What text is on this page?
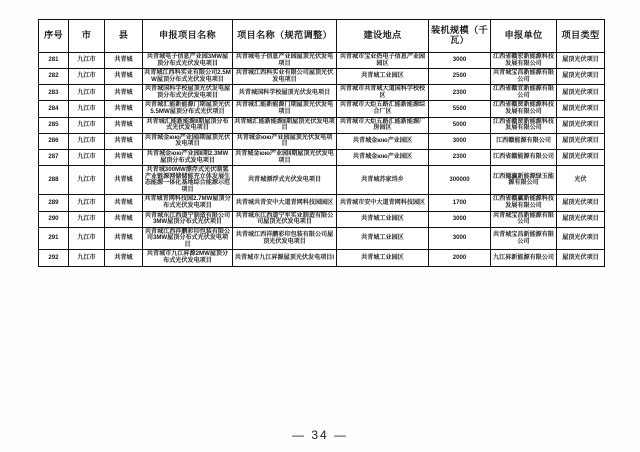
序号	市	县	申报项目名称	项目名称（规范调整）	建设地点	装机规模（千瓦）	申报单位	项目类型
281	九江市	共青城	共青城电子信息产业园3MW屋顶分布式光伏发电项目	共青城电子信息产业园屋顶光伏发电项目	共青城市宝业热电子信息产业园园区	3000	江西省赣宏新能源科技发展有限公司	屋顶光伏项目
282	九江市	共青城	共青城江西科实业有限公司2.5MW屋顶分布式光伏发电项目	共青城江西科实业有限公司屋顶光伏发电项目	共青城工业园区	2500	共青城宝昌新能源有限公司	屋顶光伏项目
283	九江市	共青城	共青城国科学校屋顶光伏发电屋顶分布式光伏发电项目	共青城国科学校屋顶光伏发电项目	共青城市共青城大道国科学校校区	2300	江西省赣宜新能源有限公司	屋顶光伏项目
284	九江市	共青城	共青城汇能新能源门期屋顶光伏5.5MW屋顶分布式光伏项目	共青城汇能新能源门期屋顶光伏发电项目	共青城市大炬五路汇能新能源综合厂区	5500	江西省赣贤新能源科技发展有限公司	屋顶光伏项目
285	九江市	共青城	共青城汇能新能源Ⅱ期屋顶分布式光伏发电项目	共青城汇能新能源Ⅱ期屋顶光伏发电项目	共青城市大炬五路汇能新能源厂房园区	5000	江西省赣贤新能源科技发展有限公司	屋顶光伏项目
286	九江市	共青城	共青城金юю产业园I期屋顶光伏发电项目	共青城金юю产业园屋顶光伏发电项目	共青城金юю产业园区	3000	江西赣能源有限公司	屋顶光伏项目
287	九江市	共青城	共青城金юю产业园Ⅱ期2.3MW屋顶分布式发电项目	共青城金юю产业园Ⅱ期屋顶光伏发电项目	共青城金юю产业园区	2300	江西省赣能源有限公司	屋顶光伏项目
288	九江市	共青城	共青城300MW漂浮式光伏制氢产业链源网储储能充立体发展生态能源一体化基地综合能源示范项目	共青城漂浮式光伏发电项目	共青城苏家垱乡	300000	江西德瀛新能源绿玉能源有限公司	光伏
289	九江市	共青城	共青城青网科技园2.7MW屋顶分布式光伏发电项目	共青城共青安中大道青网科技园园区	共青城市安中大道青网科技园区	1700	江西省赣赢新能源科技发展有限公司	屋顶光伏项目
290	九江市	共青城	共青城东江西道宁制造有限公司3MW屋顶分布式光伏项目	共青城东江西道宁军实业制造有限公司屋顶光伏发电项目	共青城工业园区	3000	共青城宝昌新能源有限公司	屋顶光伏项目
291	九江市	共青城	共青城江西祥鹏彩印包装有限公司3MW屋顶分布式光伏发电项目	共青城江西祥鹏彩印包装有限公司屋顶光伏发电项目	共青城工业园区	3000	共青城宝昌新能源有限公司	屋顶光伏项目
292	九江市	共青城	共青城市九江昇源2MW屋顶分布式光伏发电项目	共青城市九江昇源屋顶光伏发电项目I	共青城工业园区	2000	九江昇新能源有限公司	屋顶光伏项目
— 34 —
